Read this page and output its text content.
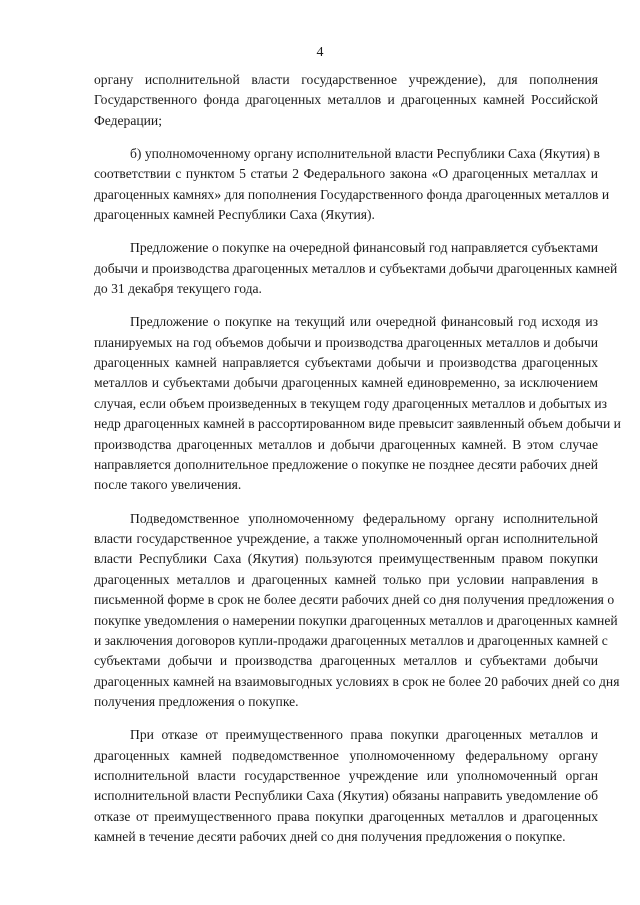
4
органу исполнительной власти государственное учреждение), для пополнения
Государственного фонда драгоценных металлов и драгоценных камней Российской
Федерации;
б) уполномоченному органу исполнительной власти Республики Саха (Якутия) в
соответствии с пунктом 5 статьи 2 Федерального закона «О драгоценных металлах и
драгоценных камнях» для пополнения Государственного фонда драгоценных металлов и
драгоценных камней Республики Саха (Якутия).
Предложение о покупке на очередной финансовый год направляется субъектами
добычи и производства драгоценных металлов и субъектами добычи драгоценных камней
до 31 декабря текущего года.
Предложение о покупке на текущий или очередной финансовый год исходя из
планируемых на год объемов добычи и производства драгоценных металлов и добычи
драгоценных камней направляется субъектами добычи и производства драгоценных
металлов и субъектами добычи драгоценных камней единовременно, за исключением
случая, если объем произведенных в текущем году драгоценных металлов и добытых из
недр драгоценных камней в рассортированном виде превысит заявленный объем добычи и
производства драгоценных металлов и добычи драгоценных камней. В этом случае
направляется дополнительное предложение о покупке не позднее десяти рабочих дней
после такого увеличения.
Подведомственное уполномоченному федеральному органу исполнительной
власти государственное учреждение, а также уполномоченный орган исполнительной
власти Республики Саха (Якутия) пользуются преимущественным правом покупки
драгоценных металлов и драгоценных камней только при условии направления в
письменной форме в срок не более десяти рабочих дней со дня получения предложения о
покупке уведомления о намерении покупки драгоценных металлов и драгоценных камней
и заключения договоров купли-продажи драгоценных металлов и драгоценных камней с
субъектами добычи и производства драгоценных металлов и субъектами добычи
драгоценных камней на взаимовыгодных условиях в срок не более 20 рабочих дней со дня
получения предложения о покупке.
При отказе от преимущественного права покупки драгоценных металлов и
драгоценных камней подведомственное уполномоченному федеральному органу
исполнительной власти государственное учреждение или уполномоченный орган
исполнительной власти Республики Саха (Якутия) обязаны направить уведомление об
отказе от преимущественного права покупки драгоценных металлов и драгоценных
камней в течение десяти рабочих дней со дня получения предложения о покупке.
